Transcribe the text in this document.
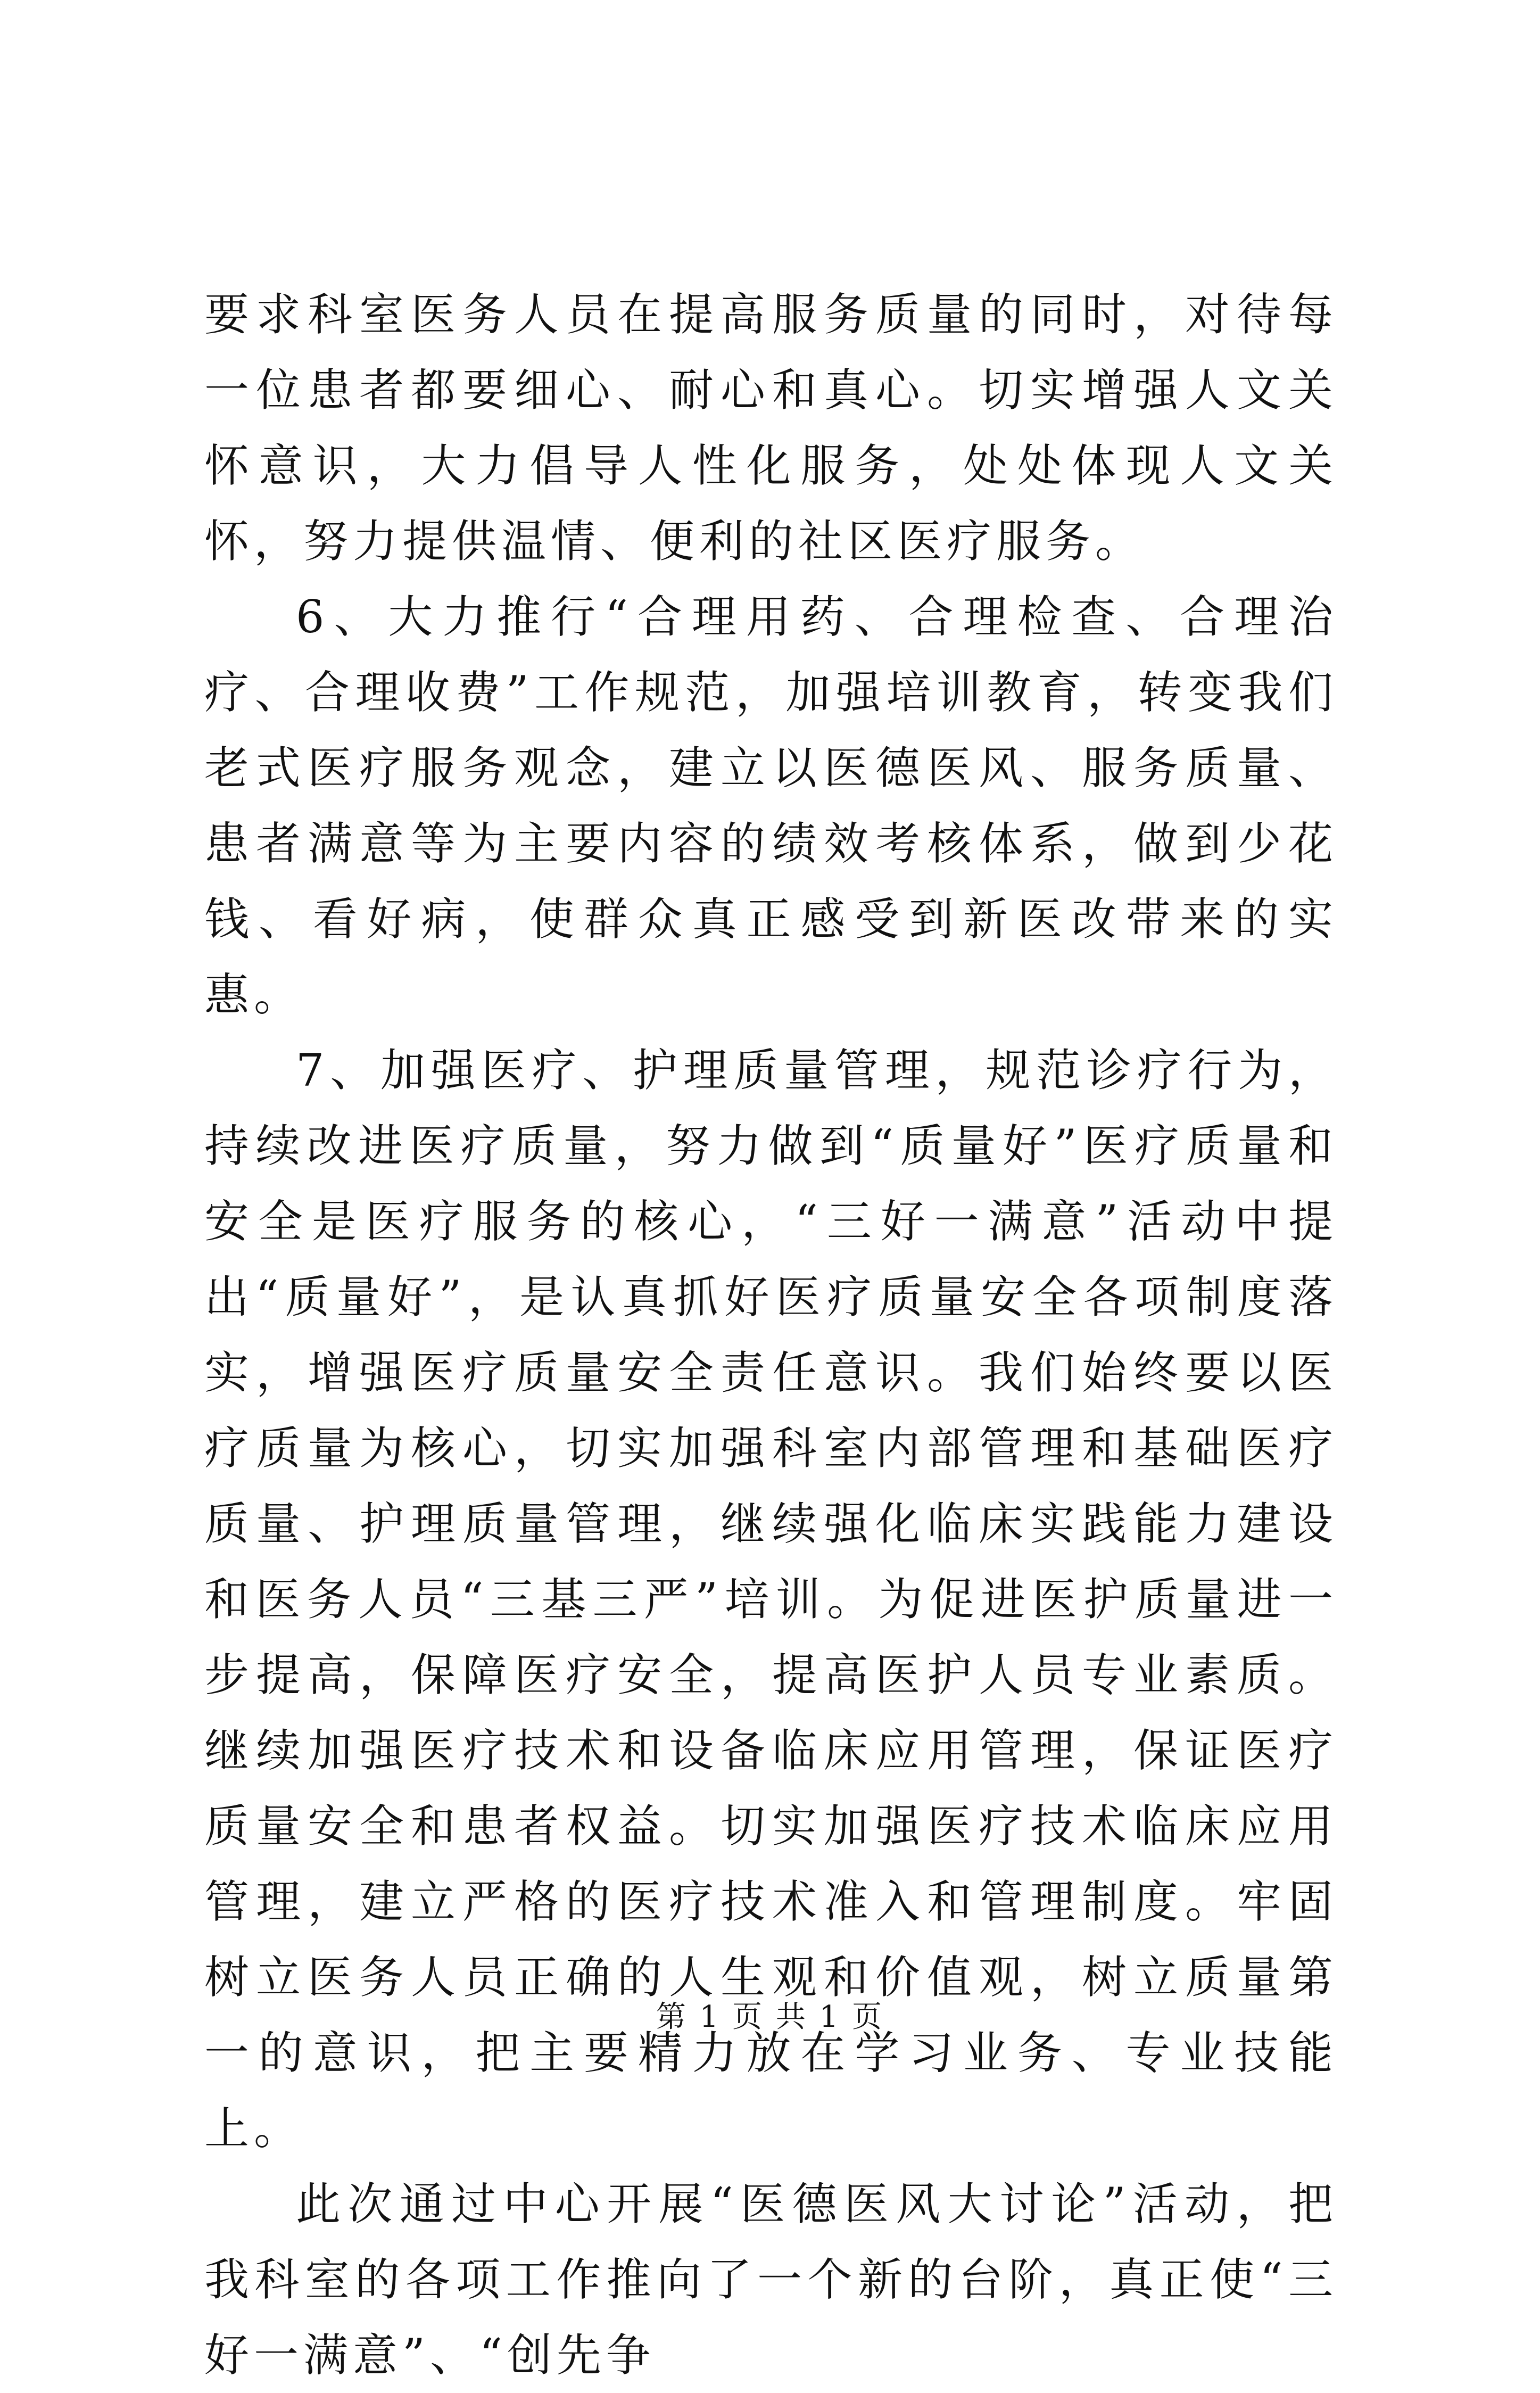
要求科室医务人员在提高服务质量的同时，对待每一位患者都要细心、耐心和真心。切实增强人文关怀意识，大力倡导人性化服务，处处体现人文关怀，努力提供温情、便利的社区医疗服务。

6、大力推行“合理用药、合理检查、合理治疗、合理收费”工作规范，加强培训教育，转变我们老式医疗服务观念，建立以医德医风、服务质量、患者满意等为主要内容的绩效考核体系，做到少花钱、看好病，使群众真正感受到新医改带来的实惠。

7、加强医疗、护理质量管理，规范诊疗行为，持续改进医疗质量，努力做到“质量好”医疗质量和安全是医疗服务的核心，“三好一满意”活动中提出“质量好”，是认真抓好医疗质量安全各项制度落实，增强医疗质量安全责任意识。我们始终要以医疗质量为核心，切实加强科室内部管理和基础医疗质量、护理质量管理，继续强化临床实践能力建设和医务人员“三基三严”培训。为促进医护质量进一步提高，保障医疗安全，提高医护人员专业素质。继续加强医疗技术和设备临床应用管理，保证医疗质量安全和患者权益。切实加强医疗技术临床应用管理，建立严格的医疗技术准入和管理制度。牢固树立医务人员正确的人生观和价值观，树立质量第一的意识，把主要精力放在学习业务、专业技能上。

此次通过中心开展“医德医风大讨论”活动，把我科室的各项工作推向了一个新的台阶，真正使“三好一满意”、“创先争

第 1 页 共 1 页
